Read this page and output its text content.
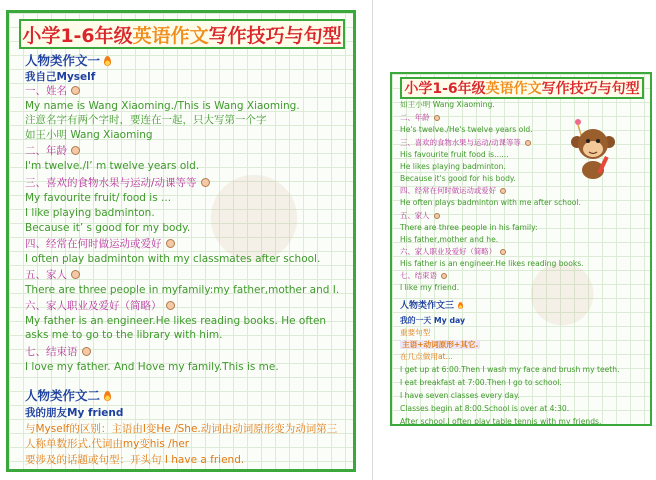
小学1-6年级 英语作文 写作技巧与句型
人物类作文一
我自己Myself
一、姓名
My name is Wang Xiaoming./This is Wang Xiaoming.
注意名字有两个字时，要连在一起，只大写第一个字
如王小明 Wang Xiaoming
二、年龄
I'm twelve./I’ m twelve years old.
三、喜欢的食物水果与运动/动课等等
My favourite fruit/ food is ...
I like playing badminton.
Because it’ s good for my body.
四、经常在何时做运动或爱好
I often play badminton with my classmates after school.
五、家人
There are three people in myfamily:my father,mother and I.
六、家人职业及爱好（简略）
My father is an engineer.He likes reading books. He often
asks me to go to the library with him.
七、结束语
I love my father. And Hove my family.This is me.
人物类作文二
我的朋友My friend
与Myself的区别：主语由I变He /She.动词由动词原形变为动词第三
人称单数形式.代词由my变his /her
要涉及的话题或句型：开头句 I have a friend.
小学1-6年级 英语作文 写作技巧与句型
如王小明 Wang Xiaoming.
二、年龄
He's twelve./He's twelve years old.
三、喜欢的食物水果与运动/动课等等
His favourite fruit food is......
He likes playing badminton.
Because it's good for his body.
四、经常在何时做运动或爱好
He often plays badminton with me after school.
五、家人
There are three people in his family:
His father,mother and he.
六、家人职业及爱好（简略）
His father is an engineer.He likes reading books.
七、结束语
I like my friend.
人物类作文三
我的一天 My day
重要句型
主语+动词原形+其它.
在几点做用at...
I get up at 6:00.Then I wash my face and brush my teeth.
I eat breakfast at 7:00.Then I go to school.
I have seven classes every day.
Classes begin at 8:00.School is over at 4:30.
After school,I often play table tennis with my friends.
